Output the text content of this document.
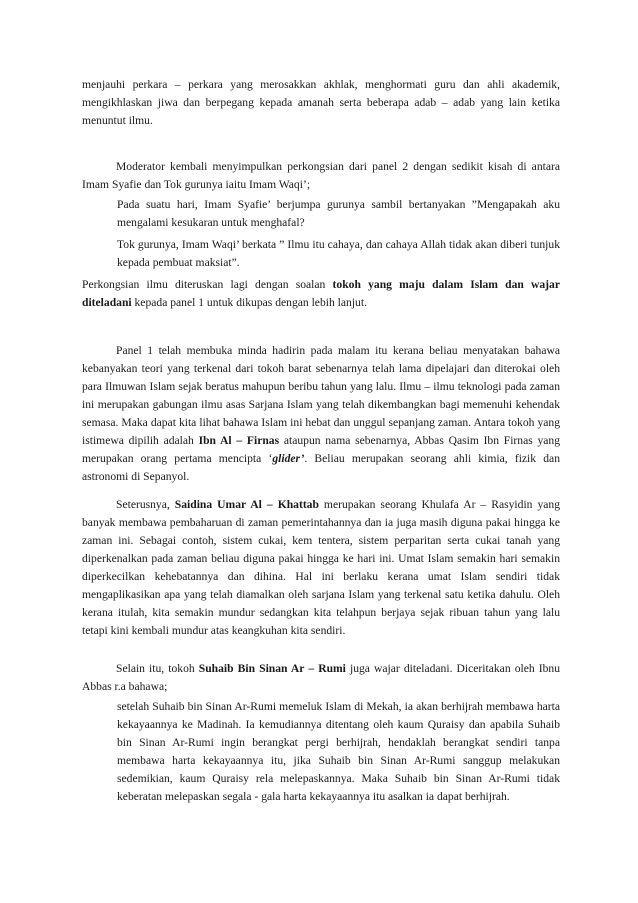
menjauhi perkara – perkara yang merosakkan akhlak, menghormati guru dan ahli akademik, mengikhlaskan jiwa dan berpegang kepada amanah serta beberapa adab – adab yang lain ketika menuntut ilmu.

Moderator kembali menyimpulkan perkongsian dari panel 2 dengan sedikit kisah di antara Imam Syafie dan Tok gurunya iaitu Imam Waqi’;

Pada suatu hari, Imam Syafie’ berjumpa gurunya sambil bertanyakan ”Mengapakah aku mengalami kesukaran untuk menghafal?

Tok gurunya, Imam Waqi’ berkata ” Ilmu itu cahaya, dan cahaya Allah tidak akan diberi tunjuk kepada pembuat maksiat”.

Perkongsian ilmu diteruskan lagi dengan soalan tokoh yang maju dalam Islam dan wajar diteladani kepada panel 1 untuk dikupas dengan lebih lanjut.

Panel 1 telah membuka minda hadirin pada malam itu kerana beliau menyatakan bahawa kebanyakan teori yang terkenal dari tokoh barat sebenarnya telah lama dipelajari dan diterokai oleh para Ilmuwan Islam sejak beratus mahupun beribu tahun yang lalu. Ilmu – ilmu teknologi pada zaman ini merupakan gabungan ilmu asas Sarjana Islam yang telah dikembangkan bagi memenuhi kehendak semasa. Maka dapat kita lihat bahawa Islam ini hebat dan unggul sepanjang zaman. Antara tokoh yang istimewa dipilih adalah Ibn Al – Firnas ataupun nama sebenarnya, Abbas Qasim Ibn Firnas yang merupakan orang pertama mencipta ‘glider’. Beliau merupakan seorang ahli kimia, fizik dan astronomi di Sepanyol.

Seterusnya, Saidina Umar Al – Khattab merupakan seorang Khulafa Ar – Rasyidin yang banyak membawa pembaharuan di zaman pemerintahannya dan ia juga masih diguna pakai hingga ke zaman ini. Sebagai contoh, sistem cukai, kem tentera, sistem perparitan serta cukai tanah yang diperkenalkan pada zaman beliau diguna pakai hingga ke hari ini. Umat Islam semakin hari semakin diperkecilkan kehebatannya dan dihina. Hal ini berlaku kerana umat Islam sendiri tidak mengaplikasikan apa yang telah diamalkan oleh sarjana Islam yang terkenal satu ketika dahulu. Oleh kerana itulah, kita semakin mundur sedangkan kita telahpun berjaya sejak ribuan tahun yang lalu tetapi kini kembali mundur atas keangkuhan kita sendiri.

Selain itu, tokoh Suhaib Bin Sinan Ar – Rumi juga wajar diteladani. Diceritakan oleh Ibnu Abbas r.a bahawa;

setelah Suhaib bin Sinan Ar-Rumi memeluk Islam di Mekah, ia akan berhijrah membawa harta kekayaannya ke Madinah. Ia kemudiannya ditentang oleh kaum Quraisy dan apabila Suhaib bin Sinan Ar-Rumi ingin berangkat pergi berhijrah, hendaklah berangkat sendiri tanpa membawa harta kekayaannya itu, jika Suhaib bin Sinan Ar-Rumi sanggup melakukan sedemikian, kaum Quraisy rela melepaskannya. Maka Suhaib bin Sinan Ar-Rumi tidak keberatan melepaskan segala - gala harta kekayaannya itu asalkan ia dapat berhijrah.
